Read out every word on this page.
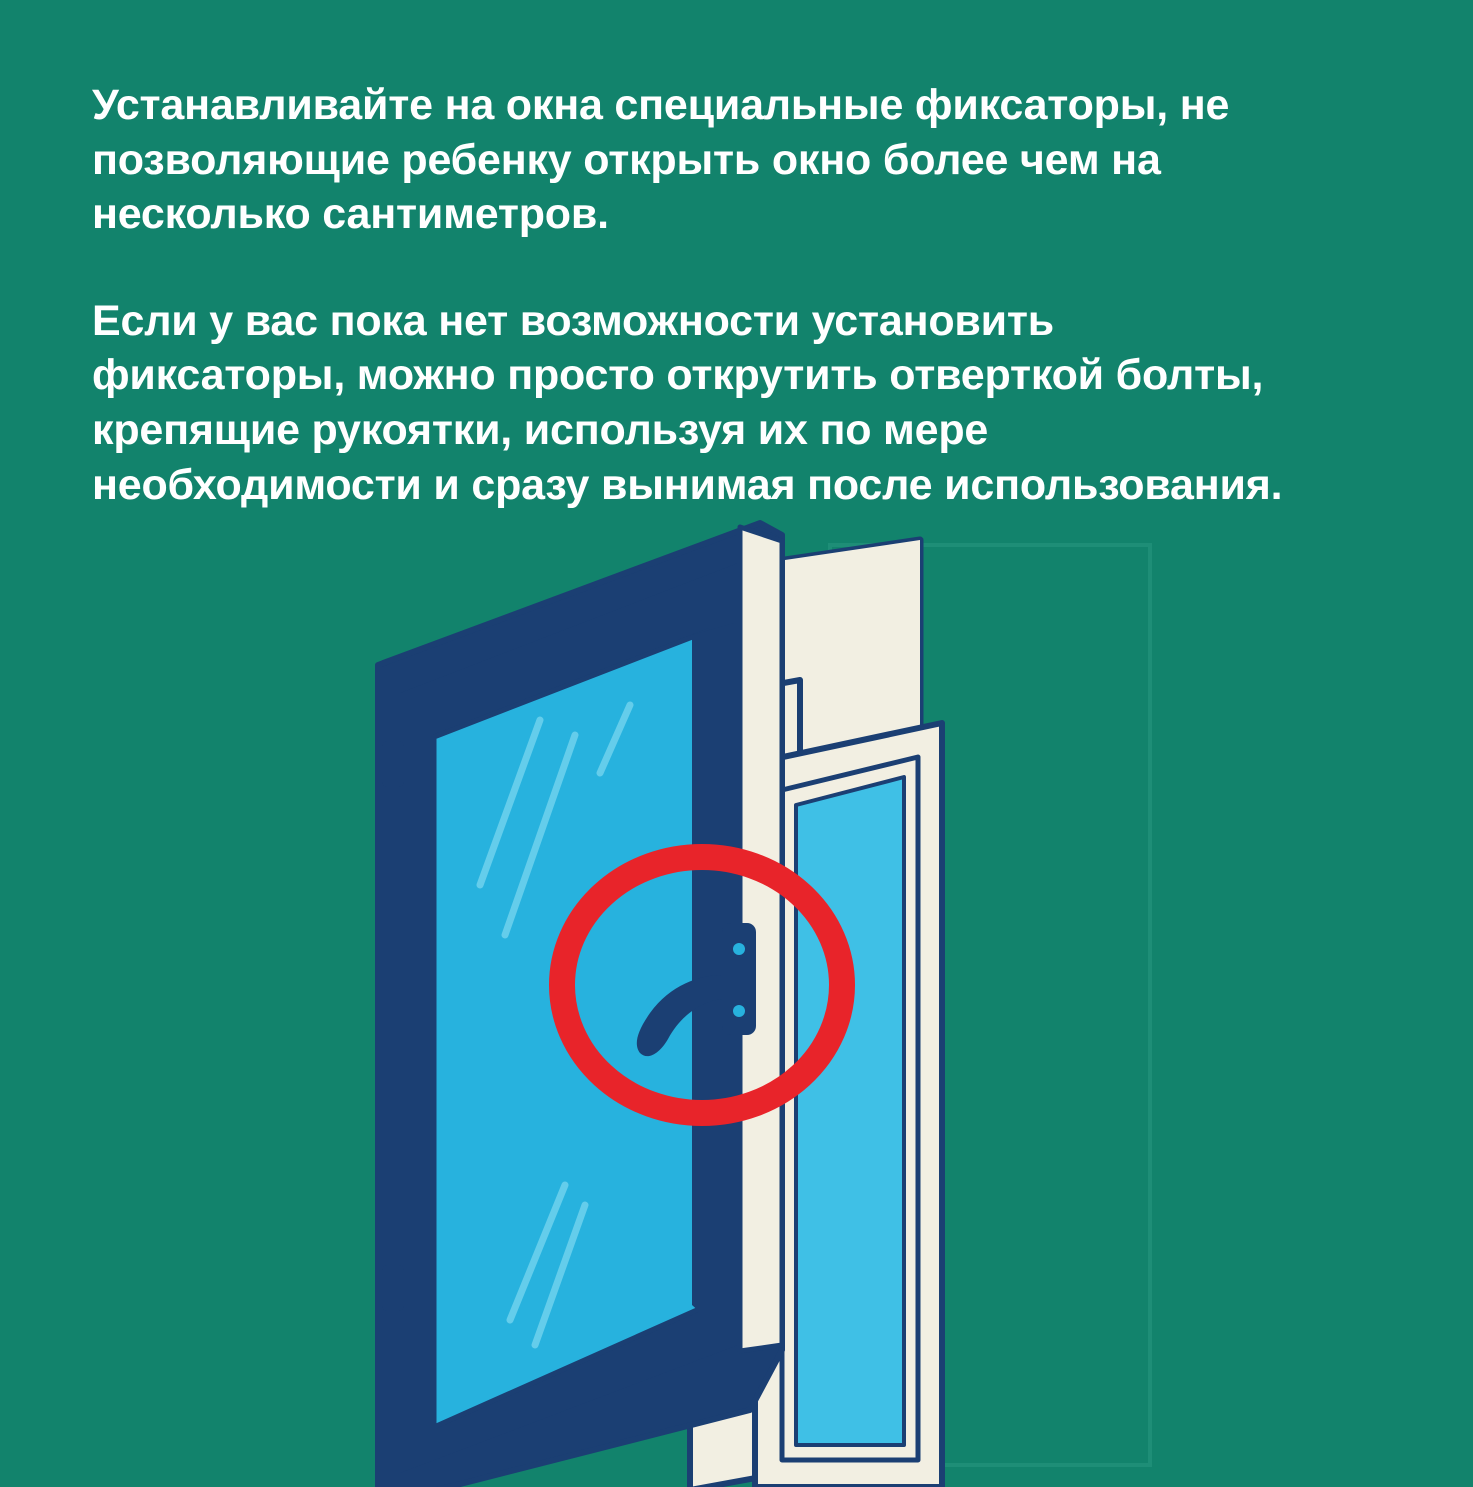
Устанавливайте на окна специальные фиксаторы, не позволяющие ребенку открыть окно более чем на несколько сантиметров.

Если у вас пока нет возможности установить фиксаторы, можно просто открутить отверткой болты, крепящие рукоятки, используя их по мере необходимости и сразу вынимая после использования.
